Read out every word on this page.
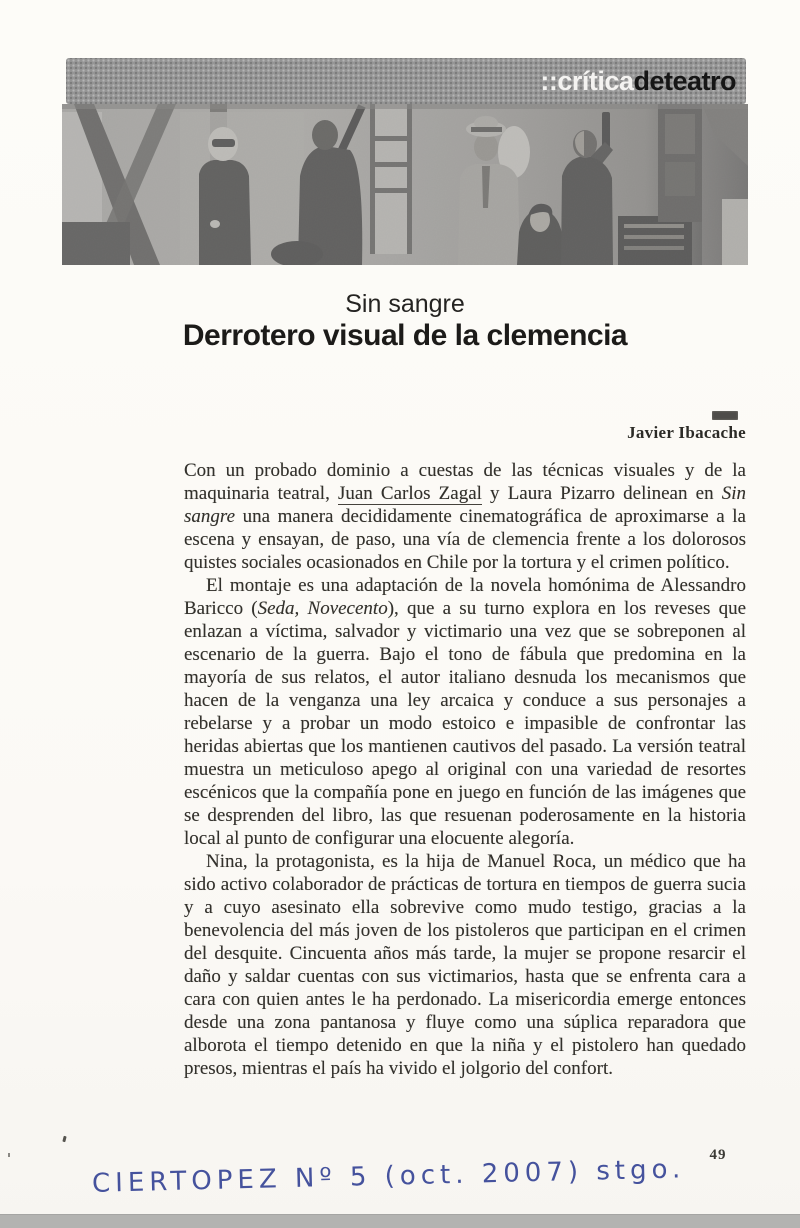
::críticadeteatro
Sin sangre
Derrotero visual de la clemencia
Javier Ibacache

Con un probado dominio a cuestas de las técnicas visuales y de la maquinaria teatral, Juan Carlos Zagal y Laura Pizarro delinean en Sin sangre una manera decididamente cinematográfica de aproximarse a la escena y ensayan, de paso, una vía de clemencia frente a los dolorosos quistes sociales ocasionados en Chile por la tortura y el crimen político.

El montaje es una adaptación de la novela homónima de Alessandro Baricco (Seda, Novecento), que a su turno explora en los reveses que enlazan a víctima, salvador y victimario una vez que se sobreponen al escenario de la guerra. Bajo el tono de fábula que predomina en la mayoría de sus relatos, el autor italiano desnuda los mecanismos que hacen de la venganza una ley arcaica y conduce a sus personajes a rebelarse y a probar un modo estoico e impasible de confrontar las heridas abiertas que los mantienen cautivos del pasado. La versión teatral muestra un meticuloso apego al original con una variedad de resortes escénicos que la compañía pone en juego en función de las imágenes que se desprenden del libro, las que resuenan poderosamente en la historia local al punto de configurar una elocuente alegoría.

Nina, la protagonista, es la hija de Manuel Roca, un médico que ha sido activo colaborador de prácticas de tortura en tiempos de guerra sucia y a cuyo asesinato ella sobrevive como mudo testigo, gracias a la benevolencia del más joven de los pistoleros que participan en el crimen del desquite. Cincuenta años más tarde, la mujer se propone resarcir el daño y saldar cuentas con sus victimarios, hasta que se enfrenta cara a cara con quien antes le ha perdonado. La misericordia emerge entonces desde una zona pantanosa y fluye como una súplica reparadora que alborota el tiempo detenido en que la niña y el pistolero han quedado presos, mientras el país ha vivido el jolgorio del confort.

49
CIERTOPEZ Nº 5 (oct. 2007) stgo.
